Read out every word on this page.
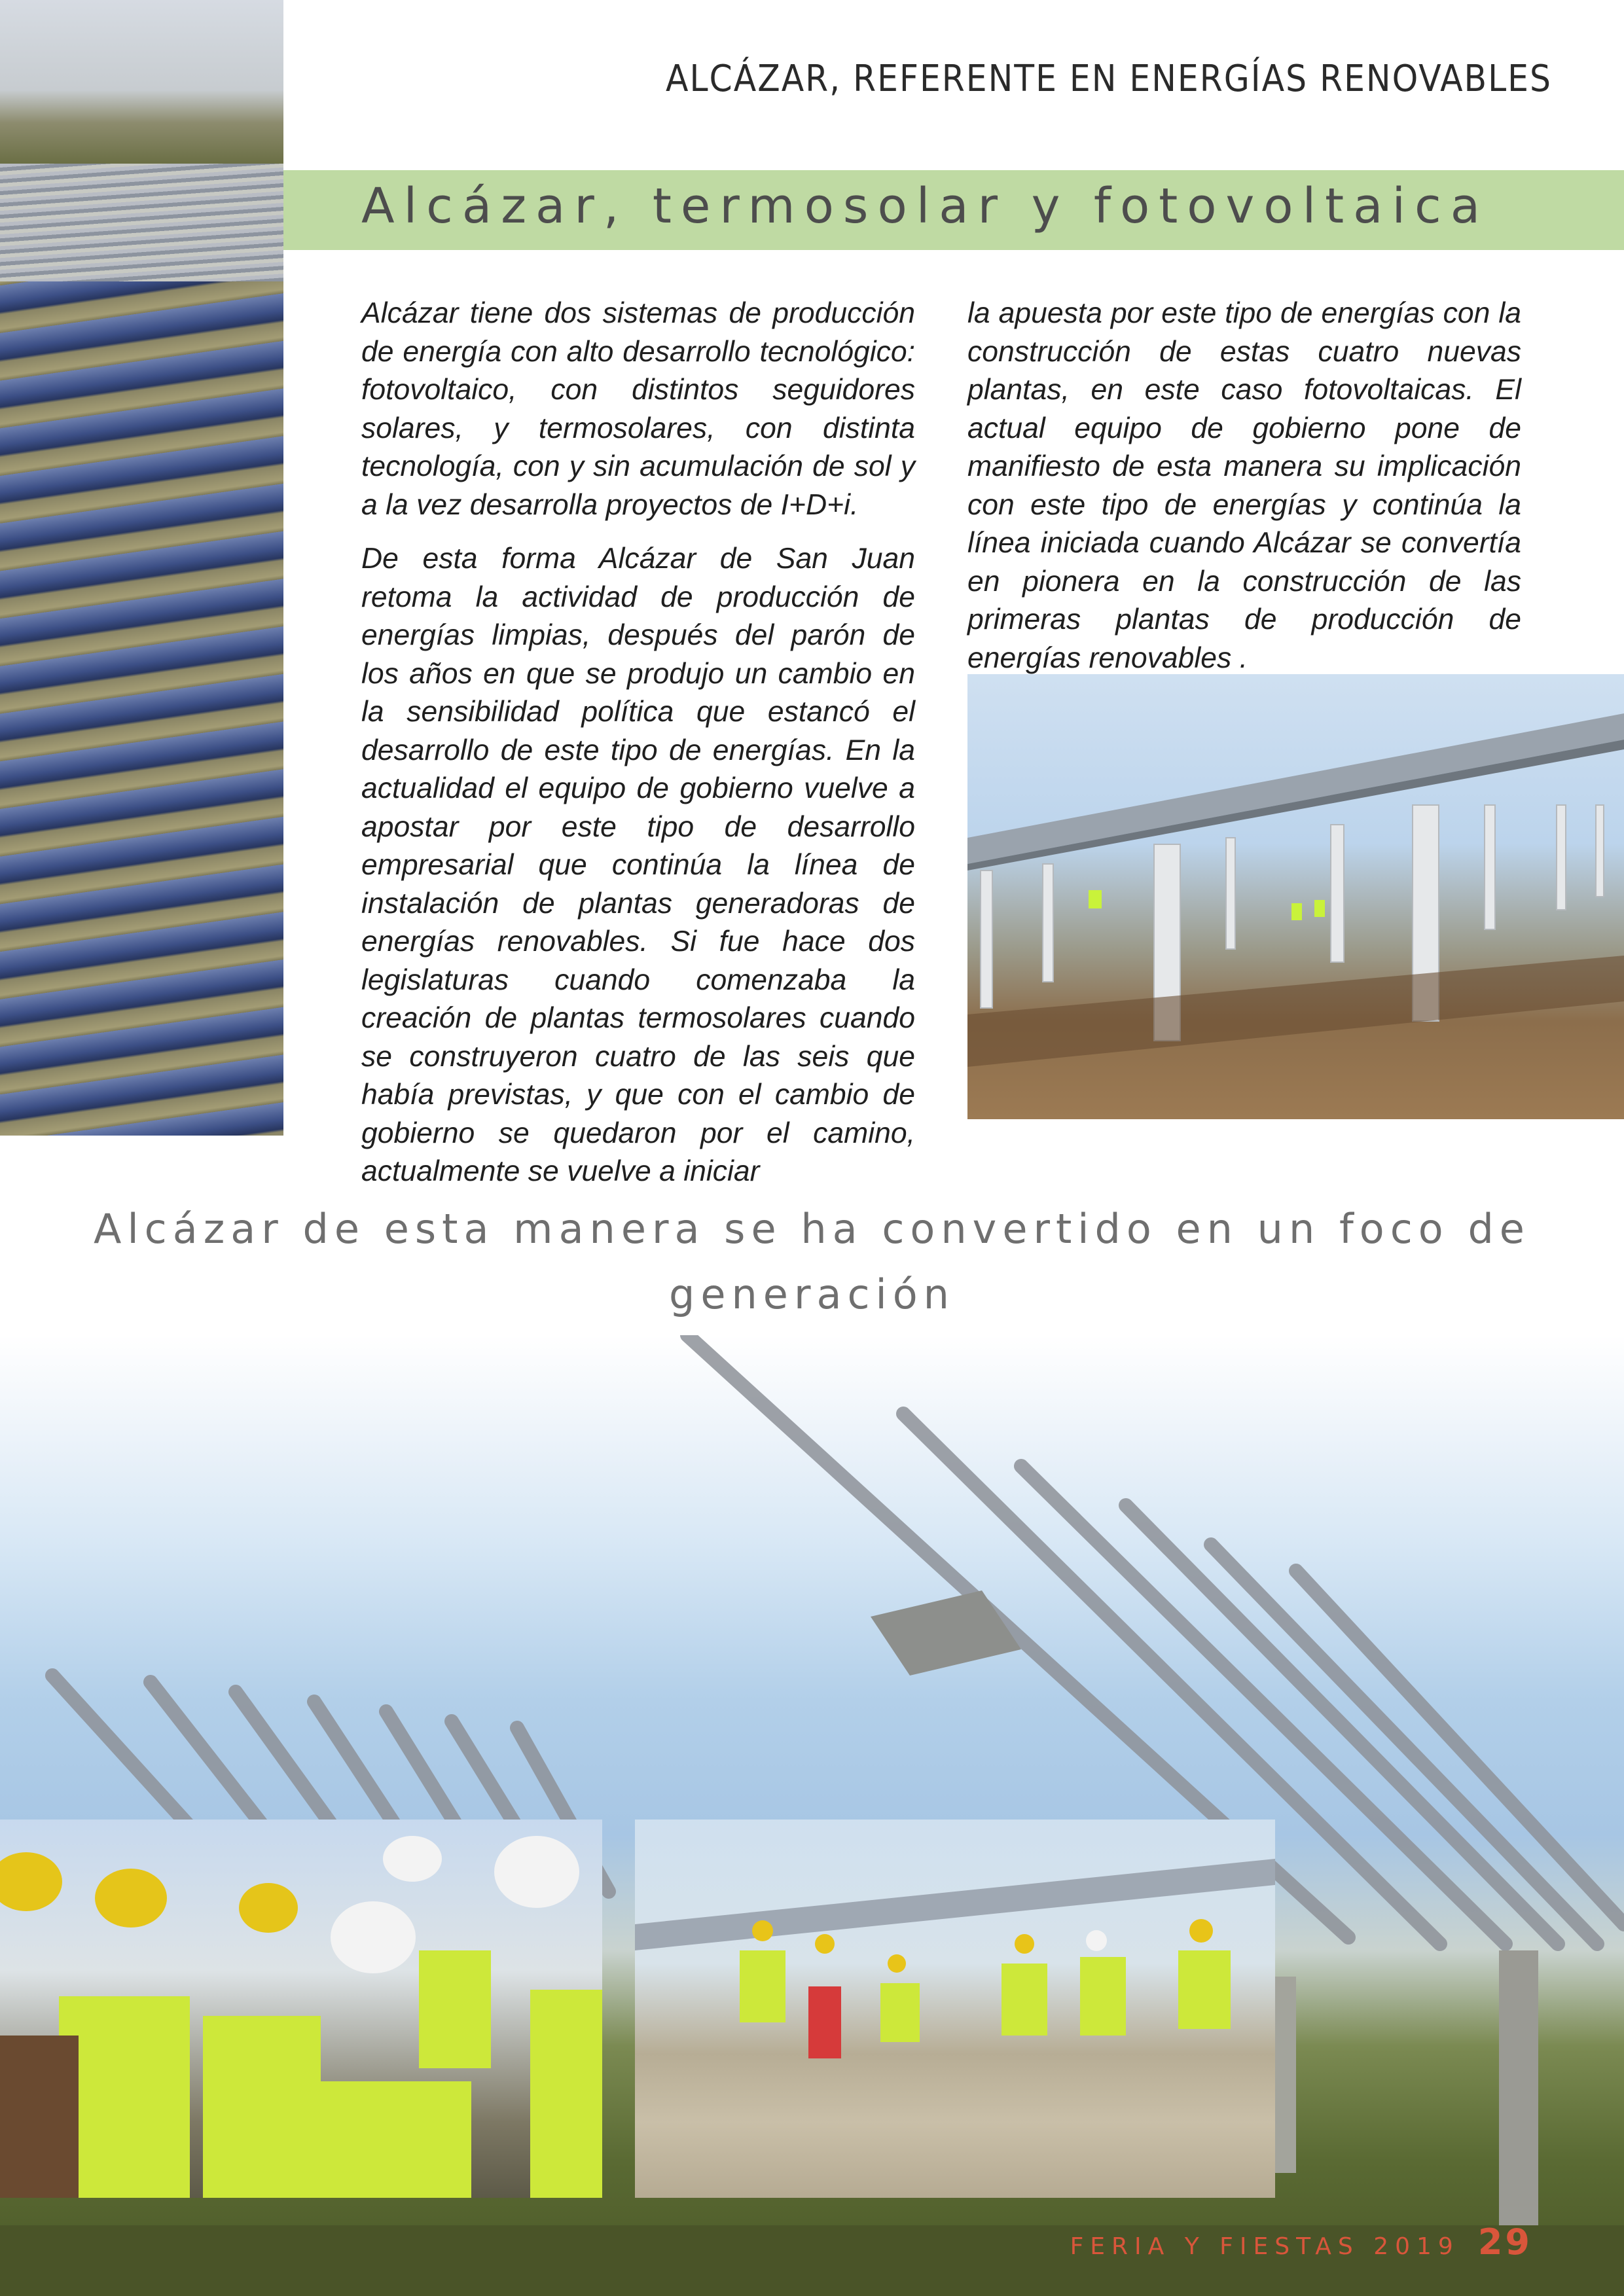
ALCÁZAR, REFERENTE EN ENERGÍAS RENOVABLES
Alcázar, termosolar y fotovoltaica

Alcázar tiene dos sistemas de producción de energía con alto desarrollo tecnológico: fotovoltaico, con distintos seguidores solares, y termosolares, con distinta tecnología, con y sin acumulación de sol y a la vez desarrolla proyectos de I+D+i.

De esta forma Alcázar de San Juan retoma la actividad de producción de energías limpias, después del parón de los años en que se produjo un cambio en la sensibilidad política que estancó el desarrollo de este tipo de energías. En la actualidad el equipo de gobierno vuelve a apostar por este tipo de desarrollo empresarial que continúa la línea de instalación de plantas generadoras de energías renovables. Si fue hace dos legislaturas cuando comenzaba la creación de plantas termosolares cuando se construyeron cuatro de las seis que había previstas, y que con el cambio de gobierno se quedaron por el camino, actualmente se vuelve a iniciar

la apuesta por este tipo de energías con la construcción de estas cuatro nuevas plantas, en este caso fotovoltaicas. El actual equipo de gobierno pone de manifiesto de esta manera su implicación con este tipo de energías y continúa la línea iniciada cuando Alcázar se convertía en pionera en la construcción de las primeras plantas de producción de energías renovables .

Alcázar de esta manera se ha convertido en un foco de generación
FERIA Y FIESTAS 2019 29
